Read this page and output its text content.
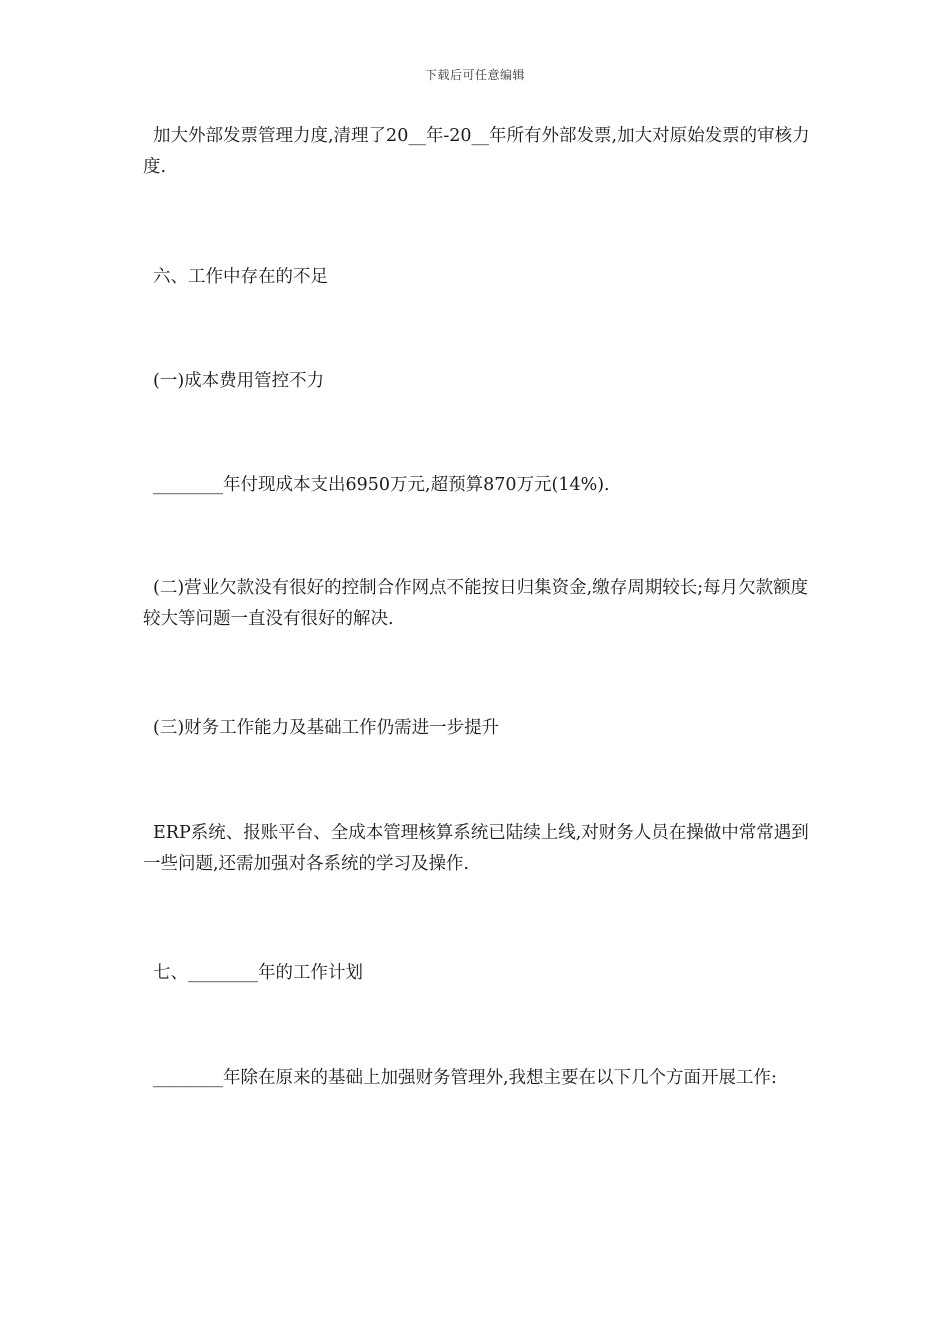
下载后可任意编辑
加大外部发票管理力度,清理了20__年-20__年所有外部发票,加大对原始发票的审核力度.
六、工作中存在的不足
(一)成本费用管控不力
________年付现成本支出6950万元,超预算870万元(14%).
(二)营业欠款没有很好的控制合作网点不能按日归集资金,缴存周期较长;每月欠款额度较大等问题一直没有很好的解决.
(三)财务工作能力及基础工作仍需进一步提升
ERP系统、报账平台、全成本管理核算系统已陆续上线,对财务人员在操做中常常遇到一些问题,还需加强对各系统的学习及操作.
七、________年的工作计划
________年除在原来的基础上加强财务管理外,我想主要在以下几个方面开展工作:
